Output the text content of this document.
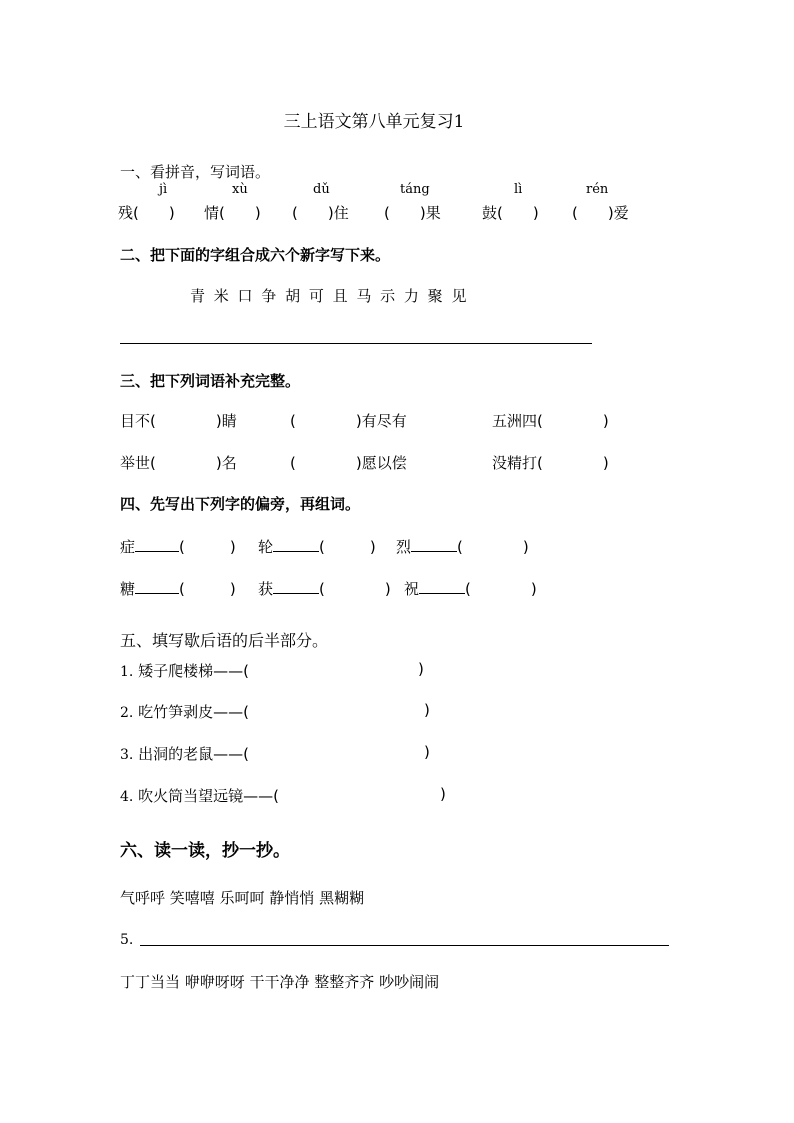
三上语文第八单元复习1
一、看拼音，写词语。
jì	xù	dǔ	táng	lì	rén
残(　　) 情(　　) (　　)住 (　　)果	鼓(　　) (　　)爱
二、把下面的字组合成六个新字写下来。
青 米 口 争 胡 可 且 马 示 力 聚 见
三、把下列词语补充完整。
目不(　　　　)睛	(　　　　)有尽有	五洲四(　　　　)
举世(　　　　)名	(　　　　)愿以偿	没精打(　　　　)
四、先写出下列字的偏旁，再组词。
症	(　　　) 轮	(　　　) 烈	(　　　　)
糖	(　　　) 获	(　　　　) 祝	(　　　　)
五、填写歇后语的后半部分。
1. 矮子爬楼梯——(	)
2. 吃竹笋剥皮——(	)
3. 出洞的老鼠——(	)
4. 吹火筒当望远镜——(	)
六、读一读，抄一抄。
气呼呼 笑嘻嘻 乐呵呵 静悄悄 黑糊糊
5.
丁丁当当 咿咿呀呀 干干净净 整整齐齐 吵吵闹闹
